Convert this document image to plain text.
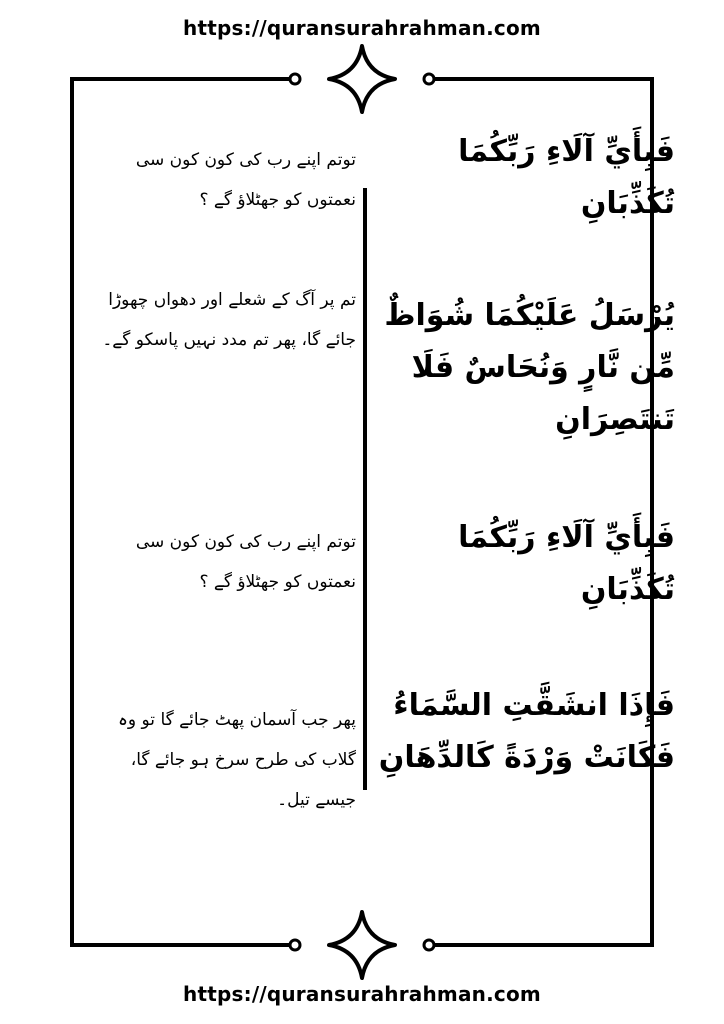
https://quransurahrahman.com

فَبِأَيِّ آلَاءِ رَبِّكُمَا تُكَذِّبَانِ

توتم اپنے رب کی کون کون سی نعمتوں کو جھٹلاؤ گے ؟

يُرْسَلُ عَلَيْكُمَا شُوَاظٌ مِّن نَّارٍ وَنُحَاسٌ فَلَا تَنتَصِرَانِ

تم پر آگ کے شعلے اور دھواں چھوڑا جائے گا، پھر تم مدد نہیں پاسکو گے۔

فَبِأَيِّ آلَاءِ رَبِّكُمَا تُكَذِّبَانِ

توتم اپنے رب کی کون کون سی نعمتوں کو جھٹلاؤ گے ؟

فَإِذَا انشَقَّتِ السَّمَاءُ فَكَانَتْ وَرْدَةً كَالدِّهَانِ

پھر جب آسمان پھٹ جائے گا تو وہ گلاب کی طرح سرخ ہو جائے گا، جیسے تیل۔

https://quransurahrahman.com
